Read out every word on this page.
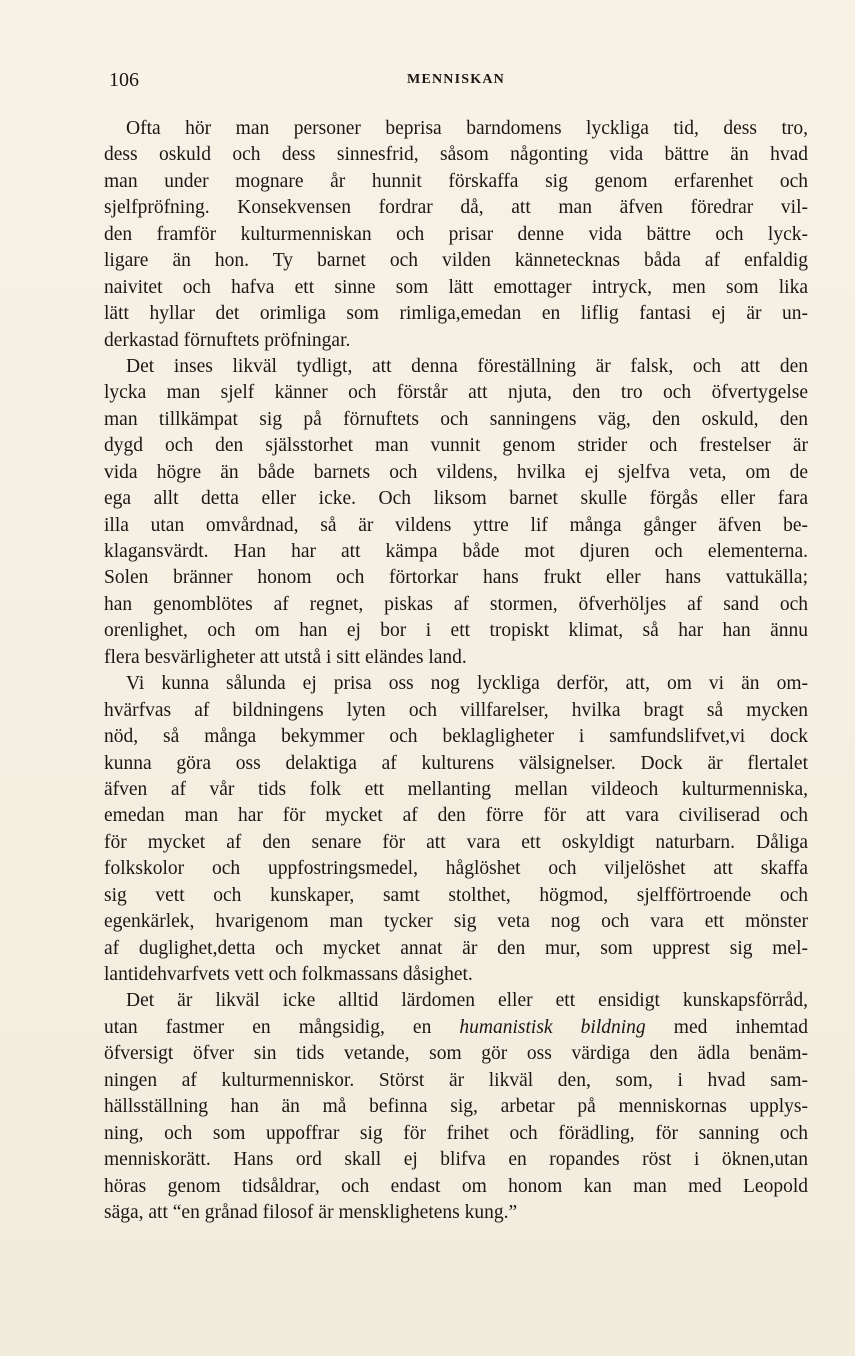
106	MENNISKAN
Ofta hör man personer beprisa barndomens lyckliga tid, dess tro,
dess oskuld och dess sinnesfrid, såsom någonting vida bättre än hvad
man under mognare år hunnit förskaffa sig genom erfarenhet och
sjelfpröfning. Konsekvensen fordrar då, att man äfven föredrar vil-
den framför kulturmenniskan och prisar denne vida bättre och lyck-
ligare än hon. Ty barnet och vilden kännetecknas båda af enfaldig
naivitet och hafva ett sinne som lätt emottager intryck, men som lika
lätt hyllar det orimliga som rimliga,emedan en liflig fantasi ej är un-
derkastad förnuftets pröfningar.
Det inses likväl tydligt, att denna föreställning är falsk, och att den
lycka man sjelf känner och förstår att njuta, den tro och öfvertygelse
man tillkämpat sig på förnuftets och sanningens väg, den oskuld, den
dygd och den själsstorhet man vunnit genom strider och frestelser är
vida högre än både barnets och vildens, hvilka ej sjelfva veta, om de
ega allt detta eller icke. Och liksom barnet skulle förgås eller fara
illa utan omvårdnad, så är vildens yttre lif många gånger äfven be-
klagansvärdt. Han har att kämpa både mot djuren och elementerna.
Solen bränner honom och förtorkar hans frukt eller hans vattukälla;
han genomblötes af regnet, piskas af stormen, öfverhöljes af sand och
orenlighet, och om han ej bor i ett tropiskt klimat, så har han ännu
flera besvärligheter att utstå i sitt eländes land.
Vi kunna sålunda ej prisa oss nog lyckliga derför, att, om vi än om-
hvärfvas af bildningens lyten och villfarelser, hvilka bragt så mycken
nöd, så många bekymmer och beklagligheter i samfundslifvet,vi dock
kunna göra oss delaktiga af kulturens välsignelser. Dock är flertalet
äfven af vår tids folk ett mellanting mellan vildeoch kulturmenniska,
emedan man har för mycket af den förre för att vara civiliserad och
för mycket af den senare för att vara ett oskyldigt naturbarn. Dåliga
folkskolor och uppfostringsmedel, håglöshet och viljelöshet att skaffa
sig vett och kunskaper, samt stolthet, högmod, sjelfförtroende och
egenkärlek, hvarigenom man tycker sig veta nog och vara ett mönster
af duglighet,detta och mycket annat är den mur, som upprest sig mel-
lantidehvarfvets vett och folkmassans dåsighet.
Det är likväl icke alltid lärdomen eller ett ensidigt kunskapsförråd,
utan fastmer en mångsidig, en humanistisk bildning med inhemtad
öfversigt öfver sin tids vetande, som gör oss värdiga den ädla benäm-
ningen af kulturmenniskor. Störst är likväl den, som, i hvad sam-
hällsställning han än må befinna sig, arbetar på menniskornas upplys-
ning, och som uppoffrar sig för frihet och förädling, för sanning och
menniskorätt. Hans ord skall ej blifva en ropandes röst i öknen,utan
höras genom tidsåldrar, och endast om honom kan man med Leopold
säga, att “en grånad filosof är mensklighetens kung.”
